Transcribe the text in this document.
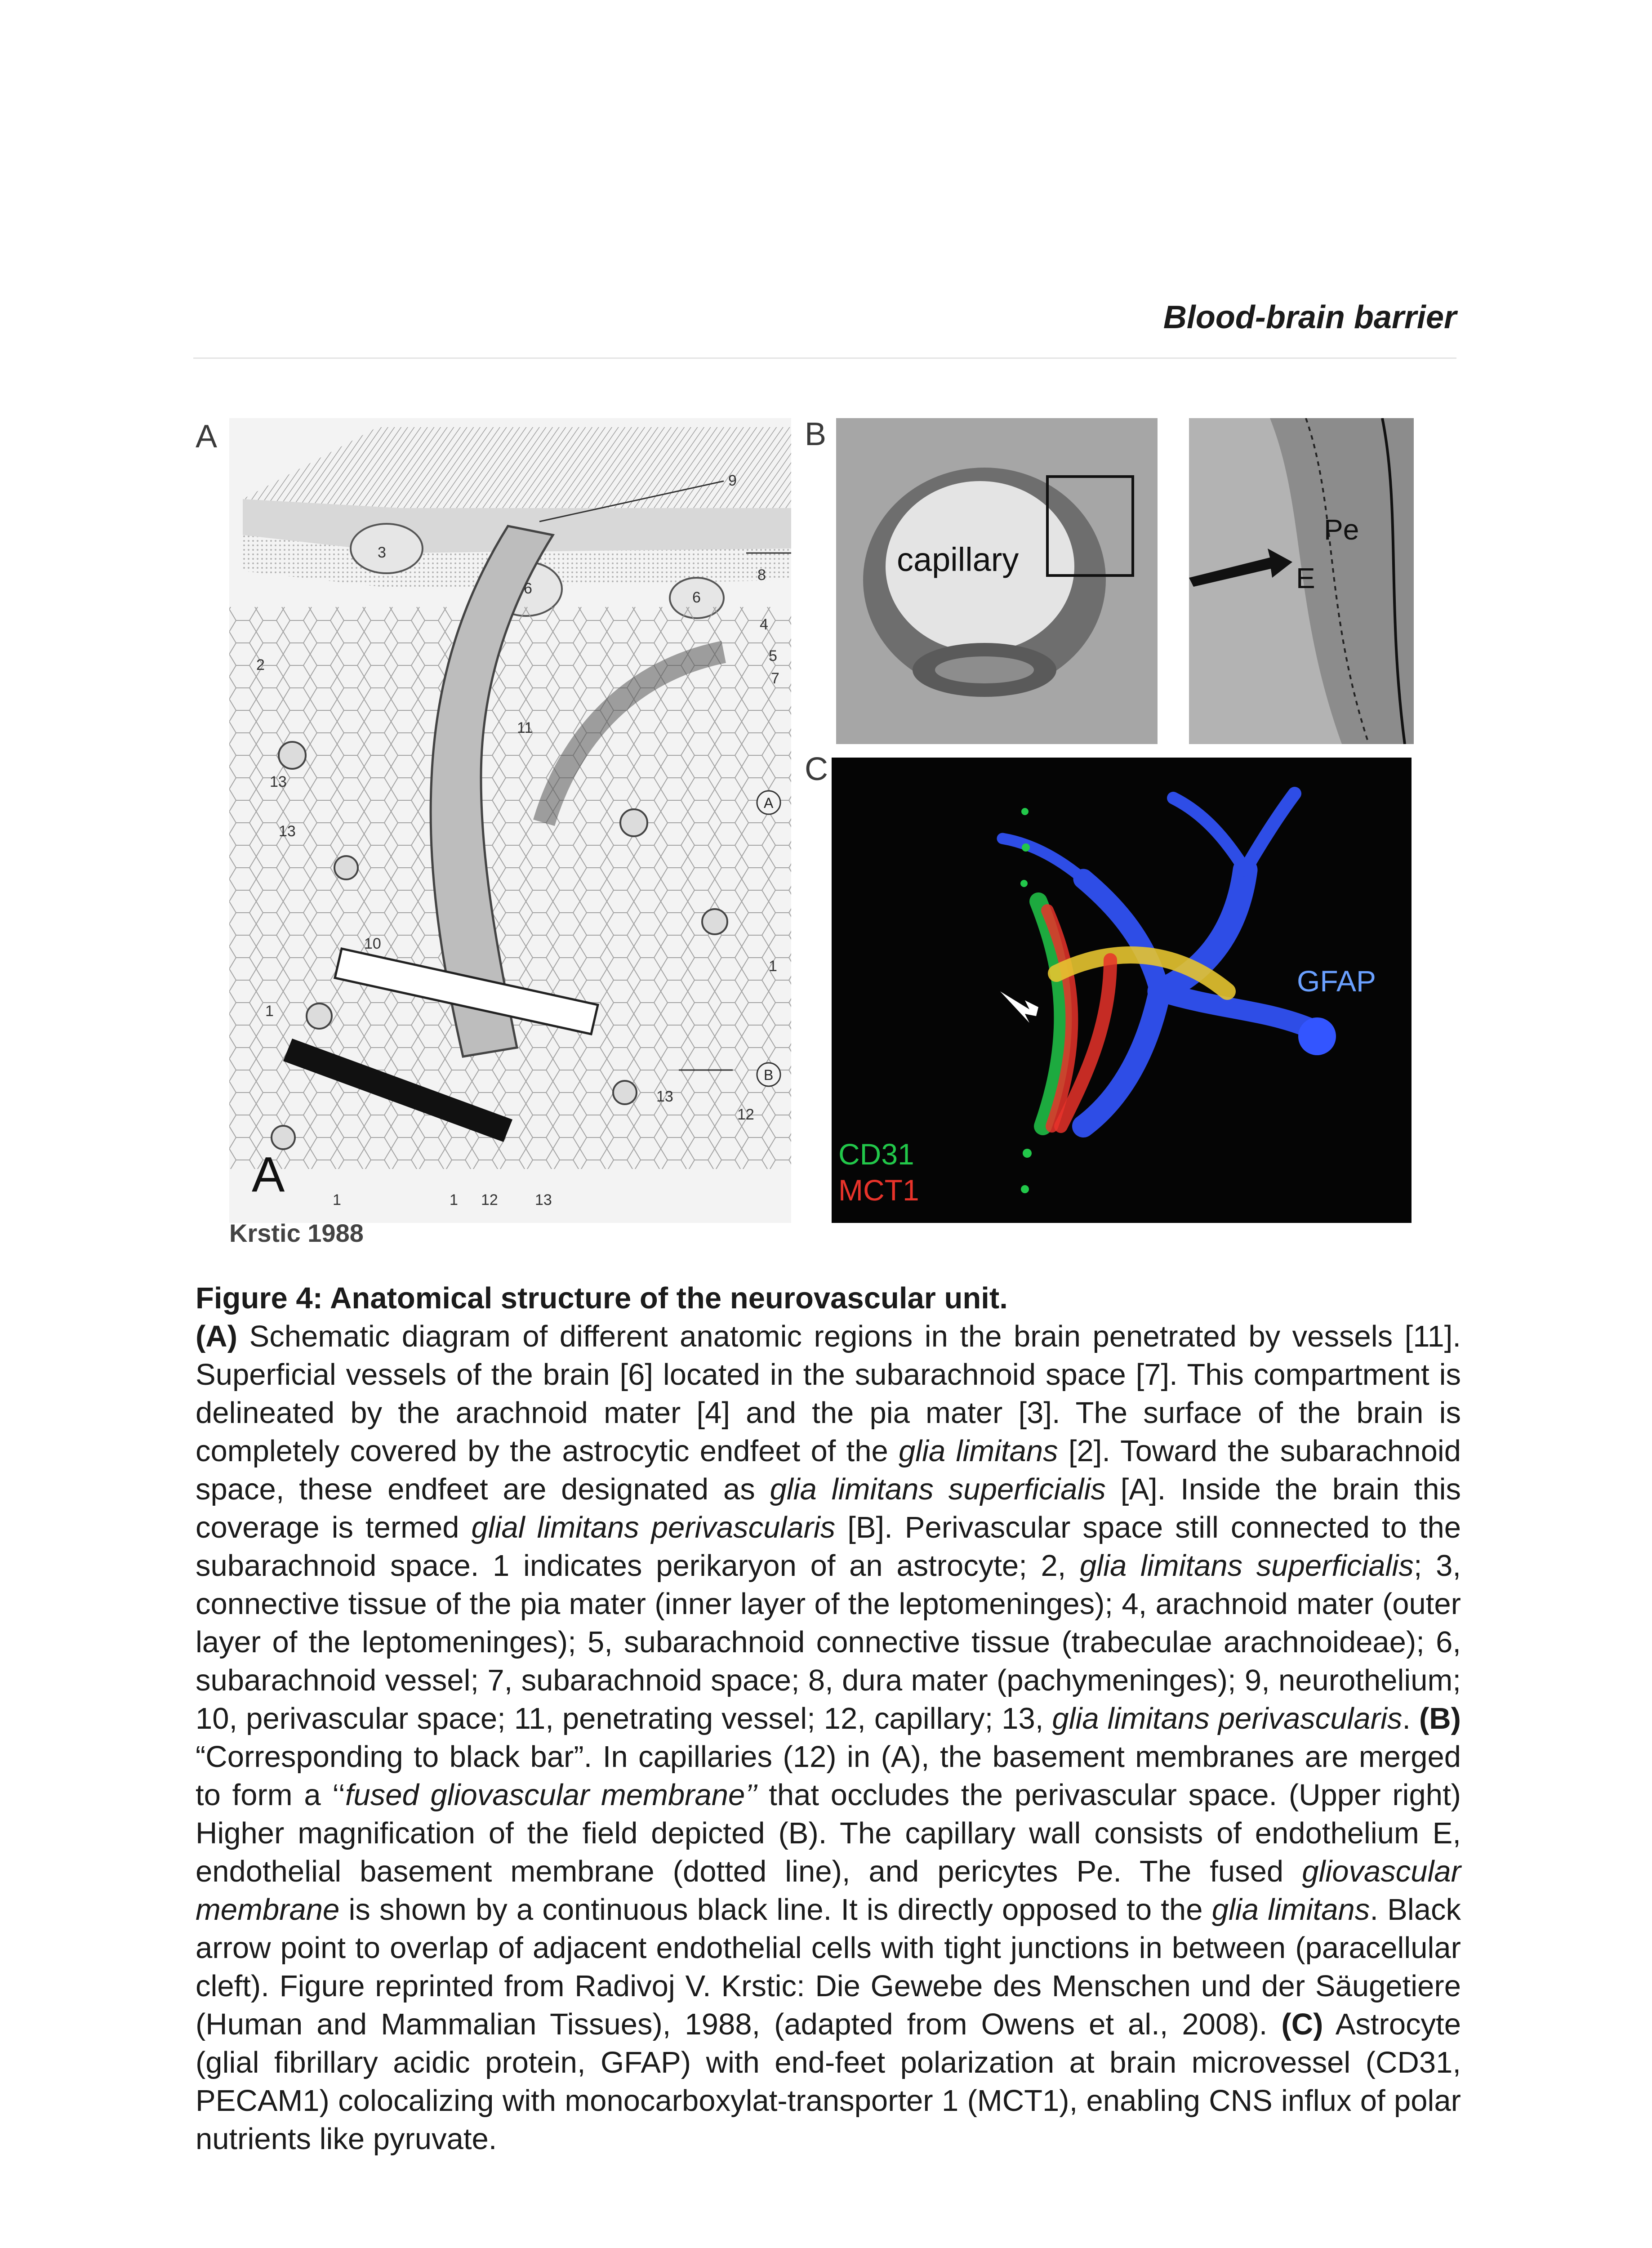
Blood-brain barrier
A	B
C
9
8
3
6
4
5
7
2
6
11
13
13
10
1
12
13
1	1 12 13
1
A
B
A
Krstic 1988
capillary
Pe
E
GFAP
CD31
MCT1
Figure 4: Anatomical structure of the neurovascular unit.

(A) Schematic diagram of different anatomic regions in the brain penetrated by vessels [11]. Superficial vessels of the brain [6] located in the subarachnoid space [7]. This compartment is delineated by the arachnoid mater [4] and the pia mater [3]. The surface of the brain is completely covered by the astrocytic endfeet of the glia limitans [2]. Toward the subarachnoid space, these endfeet are designated as glia limitans superficialis [A]. Inside the brain this coverage is termed glial limitans perivascularis [B]. Perivascular space still connected to the subarachnoid space. 1 indicates perikaryon of an astrocyte; 2, glia limitans superficialis; 3, connective tissue of the pia mater (inner layer of the leptomeninges); 4, arachnoid mater (outer layer of the leptomeninges); 5, subarachnoid connective tissue (trabeculae arachnoideae); 6, subarachnoid vessel; 7, subarachnoid space; 8, dura mater (pachymeninges); 9, neurothelium; 10, perivascular space; 11, penetrating vessel; 12, capillary; 13, glia limitans perivascularis. (B) “Corresponding to black bar”. In capillaries (12) in (A), the basement membranes are merged to form a ‘‘fused gliovascular membrane’’ that occludes the perivascular space. (Upper right) Higher magnification of the field depicted (B). The capillary wall consists of endothelium E, endothelial basement membrane (dotted line), and pericytes Pe. The fused gliovascular membrane is shown by a continuous black line. It is directly opposed to the glia limitans. Black arrow point to overlap of adjacent endothelial cells with tight junctions in between (paracellular cleft). Figure reprinted from Radivoj V. Krstic: Die Gewebe des Menschen und der Säugetiere (Human and Mammalian Tissues), 1988, (adapted from Owens et al., 2008). (C) Astrocyte (glial fibrillary acidic protein, GFAP) with end-feet polarization at brain microvessel (CD31, PECAM1) colocalizing with monocarboxylat-transporter 1 (MCT1), enabling CNS influx of polar nutrients like pyruvate.
